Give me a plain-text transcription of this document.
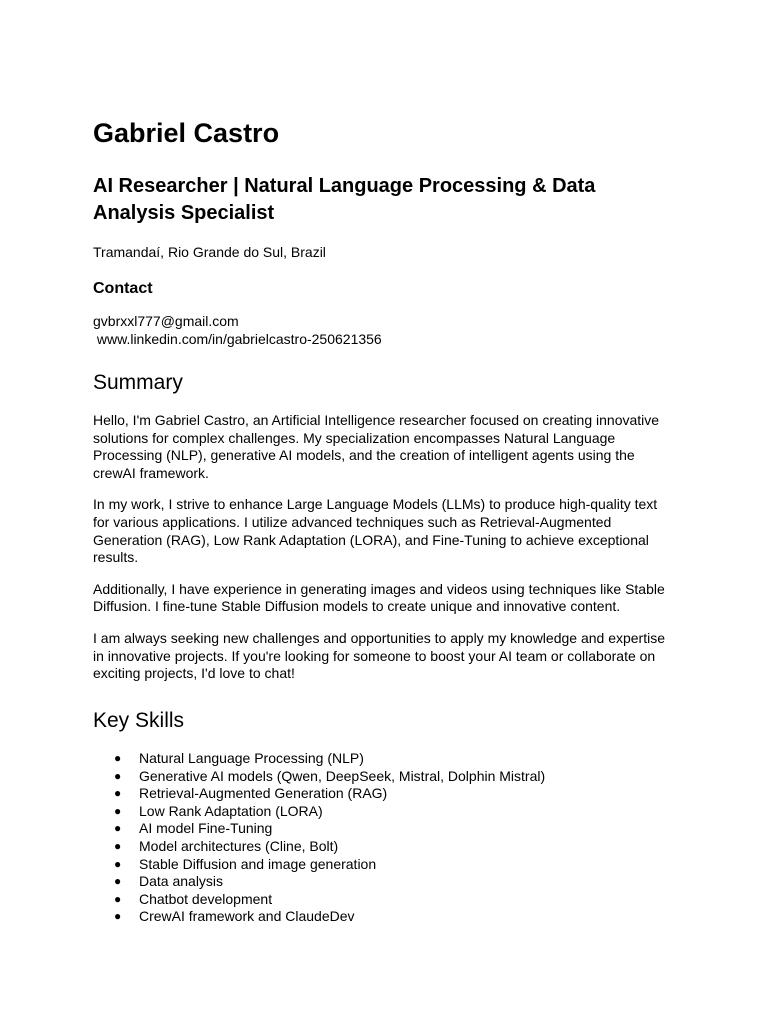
Gabriel Castro
AI Researcher | Natural Language Processing & Data Analysis Specialist

Tramandaí, Rio Grande do Sul, Brazil

Contact
gvbrxxl777@gmail.com
www.linkedin.com/in/gabrielcastro-250621356
Summary

Hello, I'm Gabriel Castro, an Artificial Intelligence researcher focused on creating innovative solutions for complex challenges. My specialization encompasses Natural Language Processing (NLP), generative AI models, and the creation of intelligent agents using the crewAI framework.

In my work, I strive to enhance Large Language Models (LLMs) to produce high-quality text for various applications. I utilize advanced techniques such as Retrieval-Augmented Generation (RAG), Low Rank Adaptation (LORA), and Fine-Tuning to achieve exceptional results.

Additionally, I have experience in generating images and videos using techniques like Stable Diffusion. I fine-tune Stable Diffusion models to create unique and innovative content.

I am always seeking new challenges and opportunities to apply my knowledge and expertise in innovative projects. If you're looking for someone to boost your AI team or collaborate on exciting projects, I'd love to chat!

Key Skills
● Natural Language Processing (NLP)
● Generative AI models (Qwen, DeepSeek, Mistral, Dolphin Mistral)
● Retrieval-Augmented Generation (RAG)
● Low Rank Adaptation (LORA)
● AI model Fine-Tuning
● Model architectures (Cline, Bolt)
● Stable Diffusion and image generation
● Data analysis
● Chatbot development
● CrewAI framework and ClaudeDev
